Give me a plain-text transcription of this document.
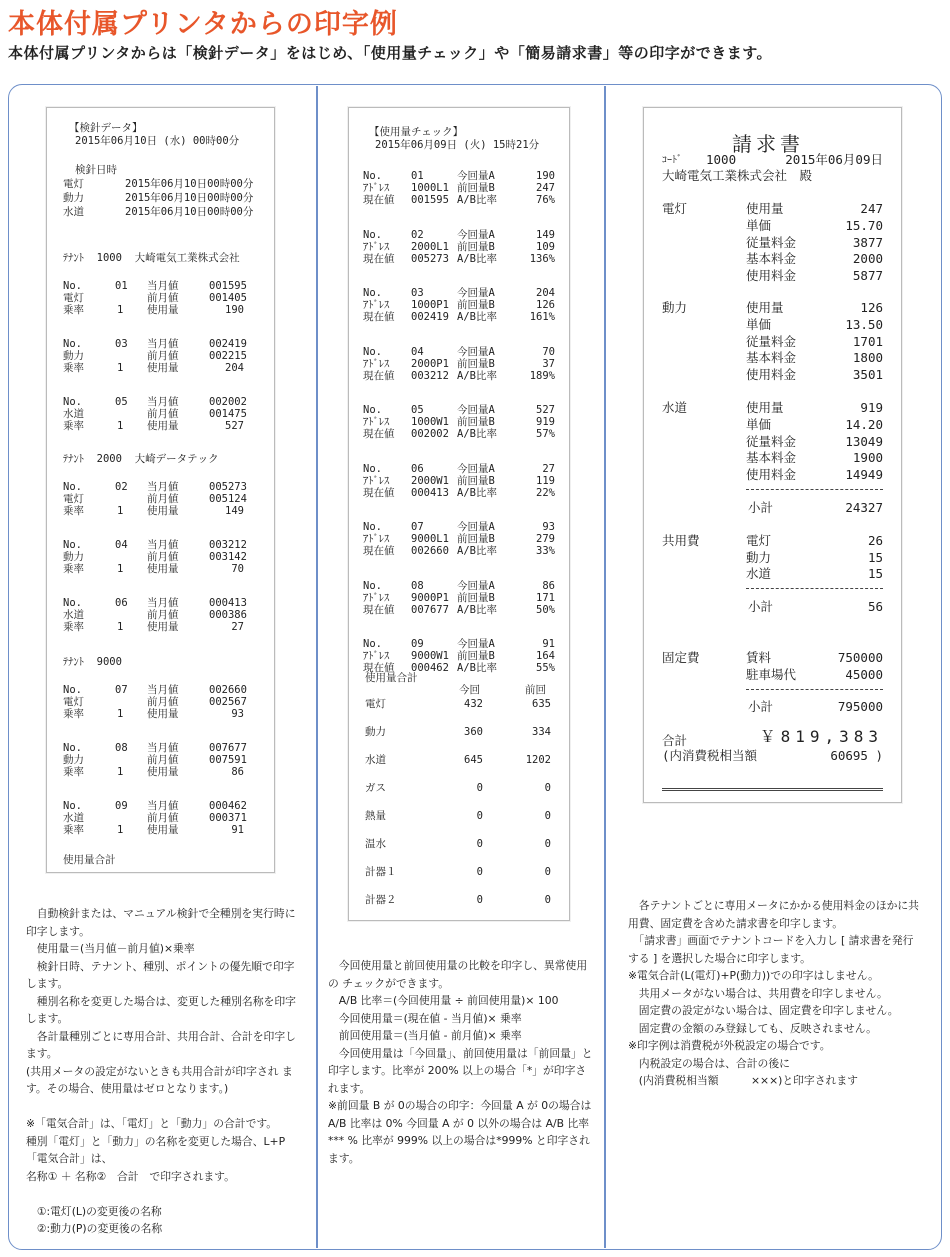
本体付属プリンタからの印字例
本体付属プリンタからは「検針データ」をはじめ、「使用量チェック」や「簡易請求書」等の印字ができます。
【検針データ】
2015年06月10日 (水) 00時00分
検針日時
電灯	2015年06月10日00時00分
動力	2015年06月10日00時00分
水道	2015年06月10日00時00分
ﾃﾅﾝﾄ  1000  大崎電気工業株式会社
No.	01 当月値	001595
電灯	前月値	001405
乗率	1 使用量	190
No.	03 当月値	002419
動力	前月値	002215
乗率	1 使用量	204
No.	05 当月値	002002
水道	前月値	001475
乗率	1 使用量	527
ﾃﾅﾝﾄ  2000  大崎データテック
No.	02 当月値	005273
電灯	前月値	005124
乗率	1 使用量	149
No.	04 当月値	003212
動力	前月値	003142
乗率	1 使用量	70
No.	06 当月値	000413
水道	前月値	000386
乗率	1 使用量	27
ﾃﾅﾝﾄ  9000
No.	07 当月値	002660
電灯	前月値	002567
乗率	1 使用量	93
No.	08 当月値	007677
動力	前月値	007591
乗率	1 使用量	86
No.	09 当月値	000462
水道	前月値	000371
乗率	1 使用量	91
使用量合計

　自動検針または、マニュアル検針で全種別を実行時に印字します。

　使用量＝(当月値－前月値)×乗率

　検針日時、テナント、種別、ポイントの優先順で印字します。

　種別名称を変更した場合は、変更した種別名称を印字します。

　各計量種別ごとに専用合計、共用合計、合計を印字します。

(共用メータの設定がないときも共用合計が印字され ます。その場合、使用量はゼロとなります。)

※「電気合計」は、「電灯」と「動力」の合計です。

種別「電灯」と「動力」の名称を変更した場合、L+P「電気合計」は、

名称① ＋ 名称②　合計　で印字されます。

　①:電灯(L)の変更後の名称

　②:動力(P)の変更後の名称

【使用量チェック】
2015年06月09日 (火) 15時21分
No.	01	今回量A	190
ｱﾄﾞﾚｽ 1000L1 前回量B	247
現在値 001595 A/B比率	76%
No.	02	今回量A	149
ｱﾄﾞﾚｽ 2000L1 前回量B	109
現在値 005273 A/B比率	136%
No.	03	今回量A	204
ｱﾄﾞﾚｽ 1000P1 前回量B	126
現在値 002419 A/B比率	161%
No.	04	今回量A	70
ｱﾄﾞﾚｽ 2000P1 前回量B	37
現在値 003212 A/B比率	189%
No.	05	今回量A	527
ｱﾄﾞﾚｽ 1000W1 前回量B	919
現在値 002002 A/B比率	57%
No.	06	今回量A	27
ｱﾄﾞﾚｽ 2000W1 前回量B	119
現在値 000413 A/B比率	22%
No.	07	今回量A	93
ｱﾄﾞﾚｽ 9000L1 前回量B	279
現在値 002660 A/B比率	33%
No.	08	今回量A	86
ｱﾄﾞﾚｽ 9000P1 前回量B	171
現在値 007677 A/B比率	50%
No.	09	今回量A	91
ｱﾄﾞﾚｽ 9000W1 前回量B	164
現在値 000462 A/B比率	55%
使用量合計
今回	前回
電灯	432	635
動力	360	334
水道	645	1202
ガス	0	0
熱量	0	0
温水	0	0
計器１	0	0
計器２	0	0

　今回使用量と前回使用量の比較を印字し、異常使用の チェックができます。

　A/B 比率＝(今回使用量 ÷ 前回使用量)× 100

　今回使用量＝(現在値 - 当月値)× 乗率

　前回使用量＝(当月値 - 前月値)× 乗率

　今回使用量は「今回量」、前回使用量は「前回量」と 印字します。比率が 200% 以上の場合「*」が印字されます。

※前回量 B が 0の場合の印字：今回量 A が 0の場合は A/B 比率は 0% 今回量 A が 0 以外の場合は A/B 比率*** % 比率が 999% 以上の場合は*999% と印字され ます。

請求書
ｺｰﾄﾞ 1000	2015年06月09日
大崎電気工業株式会社　殿
電灯	使用量	247
単価	15.70
従量料金	3877
基本料金	2000
使用料金	5877
動力	使用量	126
単価	13.50
従量料金	1701
基本料金	1800
使用料金	3501
水道	使用量	919
単価	14.20
従量料金	13049
基本料金	1900
使用料金	14949
小計	24327
共用費	電灯	26
動力	15
水道	15
小計	56
固定費	賃料	750000
駐車場代	45000
小計	795000
合計	￥819,383
(内消費税相当額	60695 )

　各テナントごとに専用メータにかかる使用料金のほかに共用費、固定費を含めた請求書を印字します。

　「請求書」画面でテナントコードを入力し [ 請求書を発行する ] を選択した場合に印字します。

※電気合計(L(電灯)+P(動力))での印字はしません。

　共用メータがない場合は、共用費を印字しません。

　固定費の設定がない場合は、固定費を印字しません。

　固定費の金額のみ登録しても、反映されません。

※印字例は消費税が外税設定の場合です。

　内税設定の場合は、合計の後に

　(内消費税相当額　　　×××)と印字されます
